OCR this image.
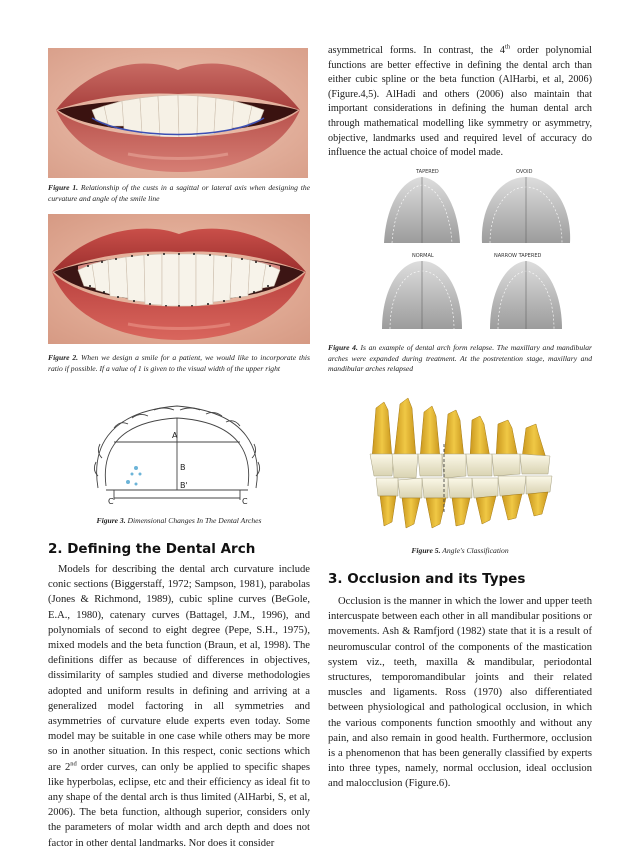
Figure 1. Relationship of the custs in a sagittal or lateral axis when designing the curvature and angle of the smile line
Figure 2. When we design a smile for a patient, we would like to incorporate this ratio if possible. If a value of 1 is given to the visual width of the upper right
A
B
B'
C	C
Figure 3. Dimensional Changes In The Dental Arches
2. Defining the Dental Arch
Models for describing the dental arch curvature include conic sections (Biggerstaff, 1972; Sampson, 1981), parabolas (Jones & Richmond, 1989), cubic spline curves (BeGole, E.A., 1980), catenary curves (Battagel, J.M., 1996), and polynomials of second to eight degree (Pepe, S.H., 1975), mixed models and the beta function (Braun, et al, 1998). The definitions differ as because of differences in objectives, dissimilarity of samples studied and diverse methodologies adopted and uniform results in defining and arriving at a generalized model factoring in all symmetries and asymmetries of curvature elude experts even today. Some model may be suitable in one case while others may be more so in another situation. In this respect, conic sections which are 2nd order curves, can only be applied to specific shapes like hyperbolas, eclipse, etc and their efficiency as ideal fit to any shape of the dental arch is thus limited (AlHarbi, S, et al, 2006). The beta function, although superior, considers only the parameters of molar width and arch depth and does not factor in other dental landmarks. Nor does it consider
asymmetrical forms. In contrast, the 4th order polynomial functions are better effective in defining the dental arch than either cubic spline or the beta function (AlHarbi, et al, 2006) (Figure.4,5). AlHadi and others (2006) also maintain that important considerations in defining the human dental arch through mathematical modelling like symmetry or asymmetry, objective, landmarks used and required level of accuracy do influence the actual choice of model made.
TAPERED	OVOID
NORMAL	NARROW TAPERED
Figure 4. Is an example of dental arch form relapse. The maxillary and mandibular arches were expanded during treatment. At the postretention stage, maxillary and mandibular arches relapsed
Figure 5. Angle's Classification
3. Occlusion and its Types
Occlusion is the manner in which the lower and upper teeth intercuspate between each other in all mandibular positions or movements. Ash & Ramfjord (1982) state that it is a result of neuromuscular control of the components of the mastication system viz., teeth, maxilla & mandibular, periodontal structures, temporomandibular joints and their related muscles and ligaments. Ross (1970) also differentiated between physiological and pathological occlusion, in which the various components function smoothly and without any pain, and also remain in good health. Furthermore, occlusion is a phenomenon that has been generally classified by experts into three types, namely, normal occlusion, ideal occlusion and malocclusion (Figure.6).
